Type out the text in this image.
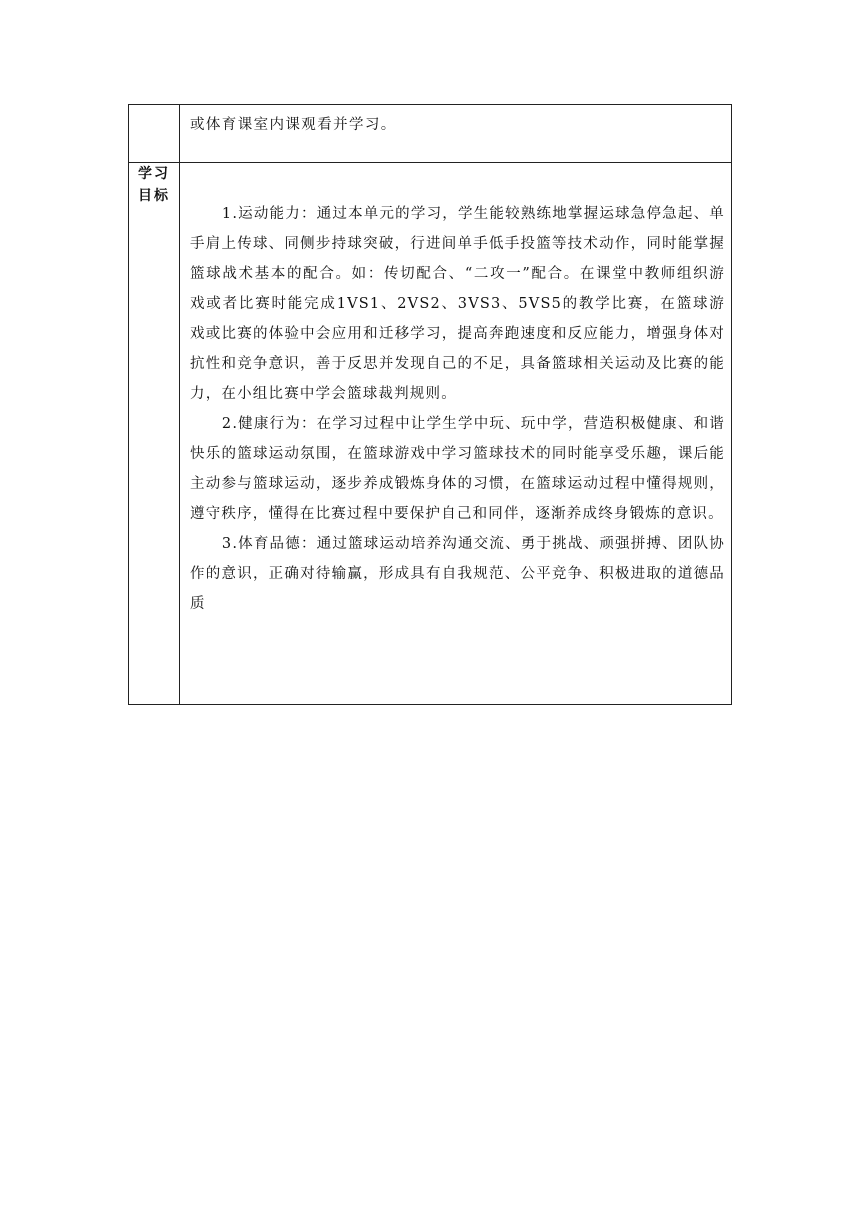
	或体育课室内课观看并学习。

学习目标	1.运动能力：通过本单元的学习，学生能较熟练地掌握运球急停急起、单手肩上传球、同侧步持球突破，行进间单手低手投篮等技术动作，同时能掌握篮球战术基本的配合。如：传切配合、“二攻一”配合。在课堂中教师组织游戏或者比赛时能完成1VS1、2VS2、3VS3、5VS5的教学比赛，在篮球游戏或比赛的体验中会应用和迁移学习，提高奔跑速度和反应能力，增强身体对抗性和竞争意识，善于反思并发现自己的不足，具备篮球相关运动及比赛的能力，在小组比赛中学会篮球裁判规则。

2.健康行为：在学习过程中让学生学中玩、玩中学，营造积极健康、和谐快乐的篮球运动氛围，在篮球游戏中学习篮球技术的同时能享受乐趣，课后能主动参与篮球运动，逐步养成锻炼身体的习惯，在篮球运动过程中懂得规则，遵守秩序，懂得在比赛过程中要保护自己和同伴，逐渐养成终身锻炼的意识。

3.体育品德：通过篮球运动培养沟通交流、勇于挑战、顽强拼搏、团队协作的意识，正确对待输赢，形成具有自我规范、公平竞争、积极进取的道德品质
